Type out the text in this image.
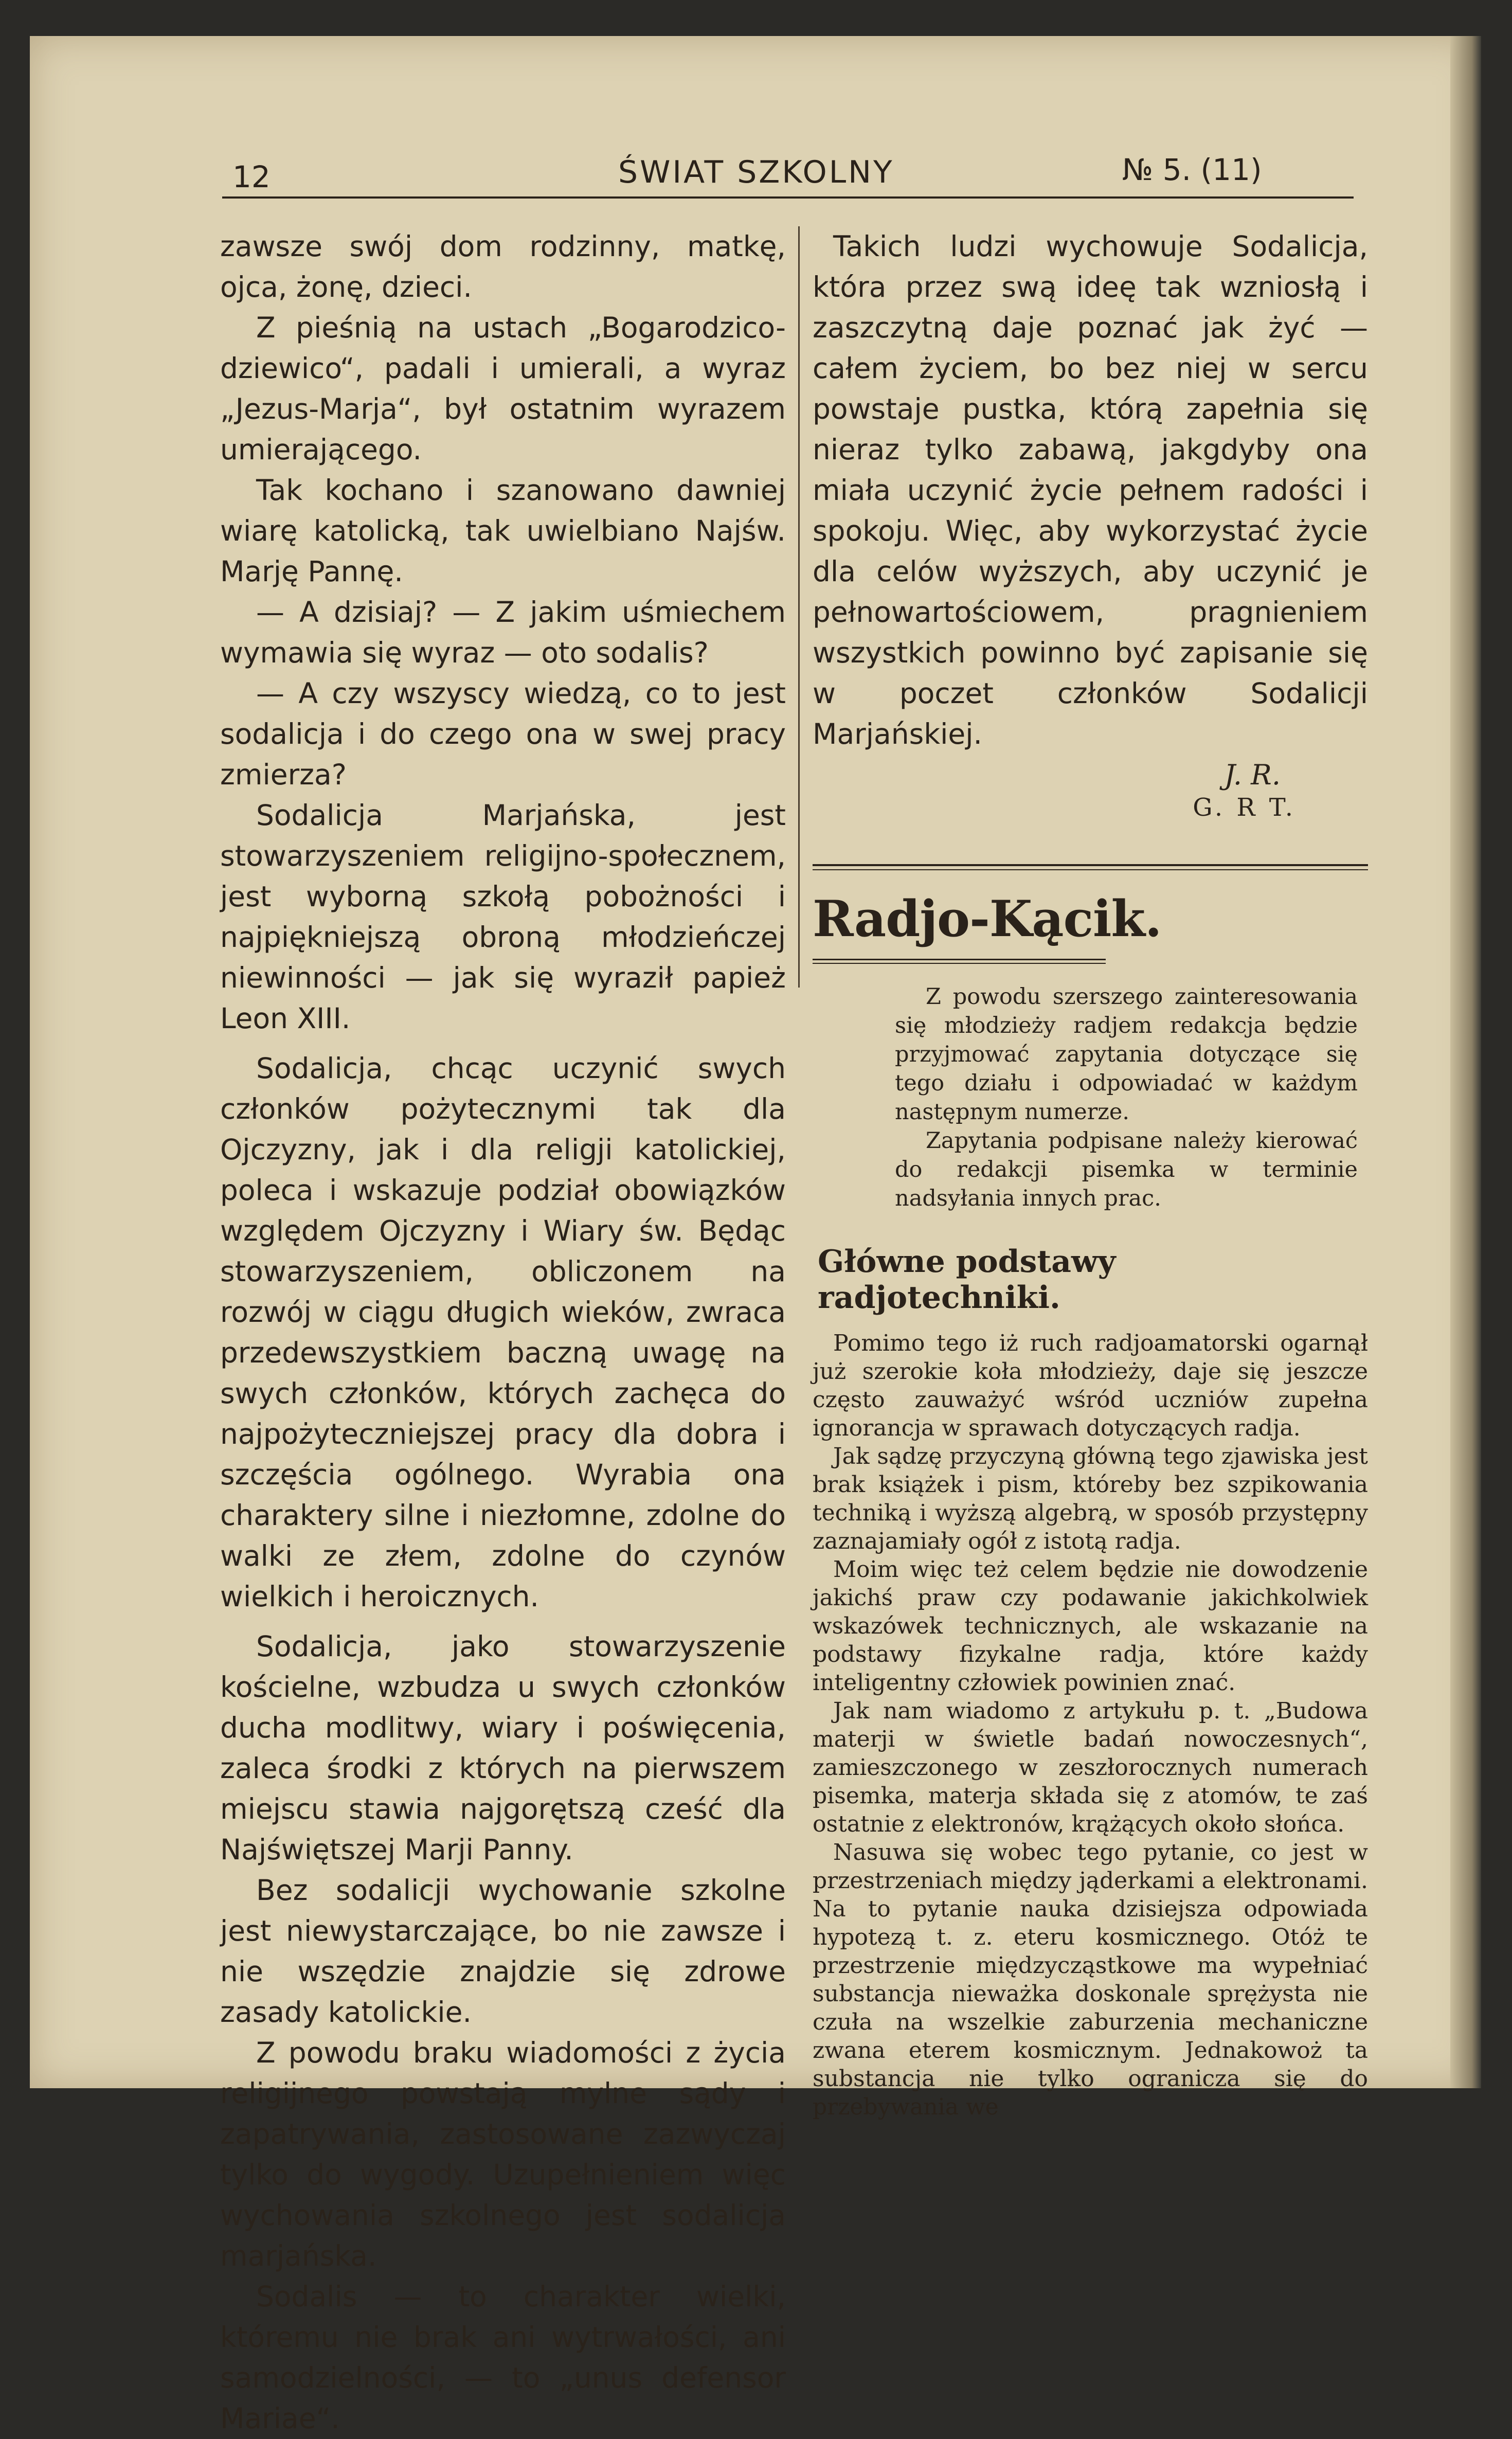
12	ŚWIAT SZKOLNY	№ 5. (11)

zawsze swój dom rodzinny, matkę, ojca, żonę, dzieci.

Z pieśnią na ustach „Bogarodzico-dziewico“, padali i umierali, a wyraz „Jezus-Marja“, był ostatnim wyrazem umierającego.

Tak kochano i szanowano dawniej wiarę katolicką, tak uwielbiano Najśw. Marję Pannę.

— A dzisiaj? — Z jakim uśmiechem wymawia się wyraz — oto sodalis?

— A czy wszyscy wiedzą, co to jest sodalicja i do czego ona w swej pracy zmierza?

Sodalicja Marjańska, jest stowarzyszeniem religijno-społecznem, jest wyborną szkołą pobożności i najpiękniejszą obroną młodzieńczej niewinności — jak się wyraził papież Leon XIII.

Sodalicja, chcąc uczynić swych członków pożytecznymi tak dla Ojczyzny, jak i dla religji katolickiej, poleca i wskazuje podział obowiązków względem Ojczyzny i Wiary św. Będąc stowarzyszeniem, obliczonem na rozwój w ciągu długich wieków, zwraca przedewszystkiem baczną uwagę na swych członków, których zachęca do najpożyteczniejszej pracy dla dobra i szczęścia ogólnego. Wyrabia ona charaktery silne i niezłomne, zdolne do walki ze złem, zdolne do czynów wielkich i heroicznych.

Sodalicja, jako stowarzyszenie kościelne, wzbudza u swych członków ducha modlitwy, wiary i poświęcenia, zaleca środki z których na pierwszem miejscu stawia najgorętszą cześć dla Najświętszej Marji Panny.

Bez sodalicji wychowanie szkolne jest niewystarczające, bo nie zawsze i nie wszędzie znajdzie się zdrowe zasady katolickie.

Z powodu braku wiadomości z życia religijnego powstają mylne sądy i zapatrywania, zastosowane zazwyczaj tylko do wygody. Uzupełnieniem więc wychowania szkolnego jest sodalicja marjańska.

Sodalis — to charakter wielki, któremu nie brak ani wytrwałości, ani samodzielności, — to „unus defensor Mariae“.

Takich ludzi wychowuje Sodalicja, która przez swą ideę tak wzniosłą i zaszczytną daje poznać jak żyć — całem życiem, bo bez niej w sercu powstaje pustka, którą zapełnia się nieraz tylko zabawą, jakgdyby ona miała uczynić życie pełnem radości i spokoju. Więc, aby wykorzystać życie dla celów wyższych, aby uczynić je pełnowartościowem, pragnieniem wszystkich powinno być zapisanie się w poczet członków Sodalicji Marjańskiej.

J. R.
G. R T.
Radjo-Kącik.

Z powodu szerszego zainteresowania się młodzieży radjem redakcja będzie przyjmować zapytania dotyczące się tego działu i odpowiadać w każdym następnym numerze.

Zapytania podpisane należy kierować do redakcji pisemka w terminie nadsyłania innych prac.

Główne podstawy radjotechniki.

Pomimo tego iż ruch radjoamatorski ogarnął już szerokie koła młodzieży, daje się jeszcze często zauważyć wśród uczniów zupełna ignorancja w sprawach dotyczących radja.

Jak sądzę przyczyną główną tego zjawiska jest brak książek i pism, któreby bez szpikowania techniką i wyższą algebrą, w sposób przystępny zaznajamiały ogół z istotą radja.

Moim więc też celem będzie nie dowodzenie jakichś praw czy podawanie jakichkolwiek wskazówek technicznych, ale wskazanie na podstawy fizykalne radja, które każdy inteligentny człowiek powinien znać.

Jak nam wiadomo z artykułu p. t. „Budowa materji w świetle badań nowoczesnych“, zamieszczonego w zeszłorocznych numerach pisemka, materja składa się z atomów, te zaś ostatnie z elektronów, krążących około słońca.

Nasuwa się wobec tego pytanie, co jest w przestrzeniach między jąderkami a elektronami. Na to pytanie nauka dzisiejsza odpowiada hypotezą t. z. eteru kosmicznego. Otóż te przestrzenie międzycząstkowe ma wypełniać substancja nieważka doskonale sprężysta nie czuła na wszelkie zaburzenia mechaniczne zwana eterem kosmicznym. Jednakowoż ta substancja nie tylko ogranicza się do przebywania we
